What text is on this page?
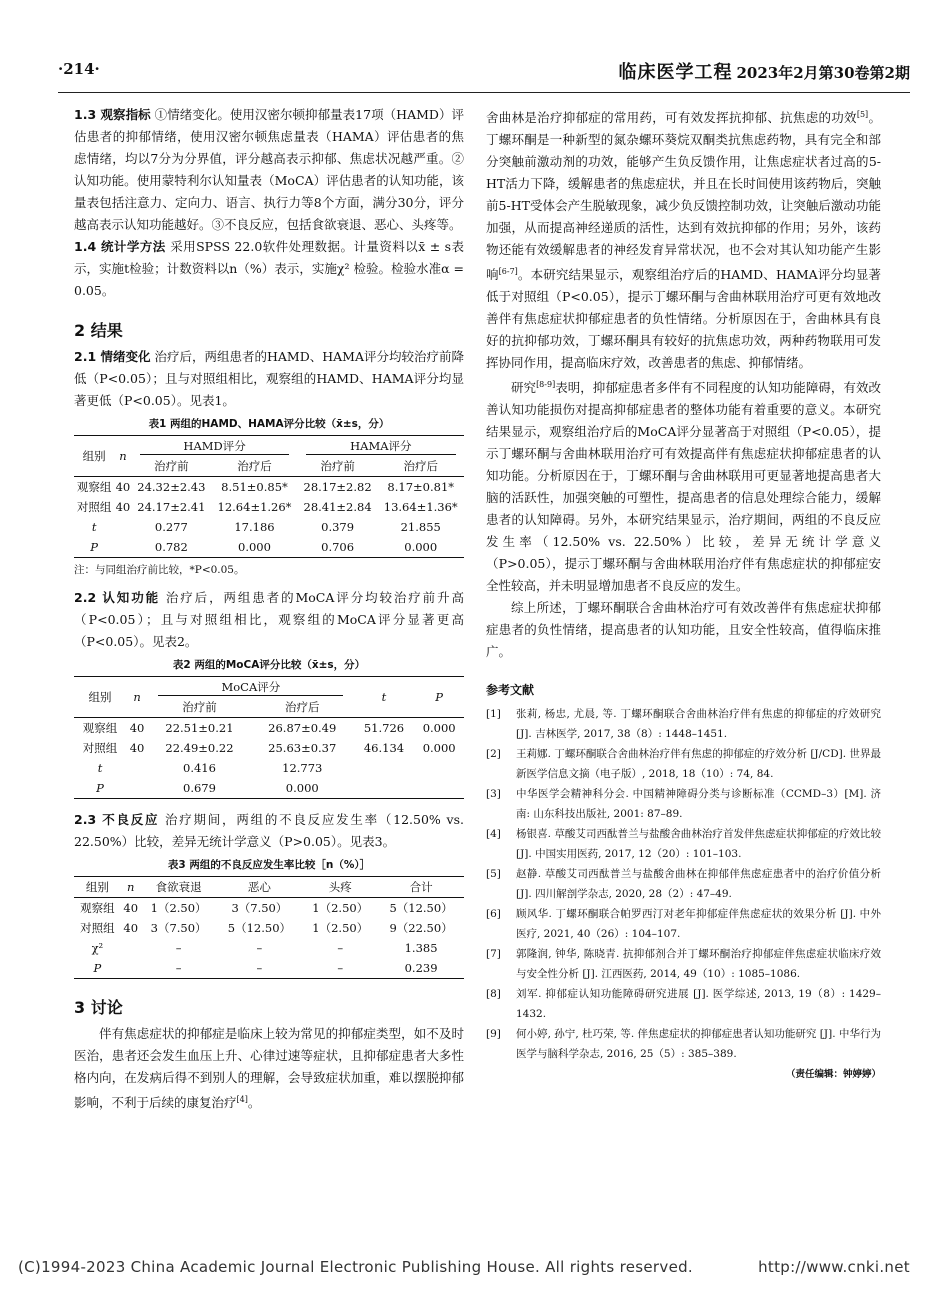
·214·	临床医学工程 2023年2月第30卷第2期

1.3 观察指标 ①情绪变化。使用汉密尔顿抑郁量表17项（HAMD）评估患者的抑郁情绪，使用汉密尔顿焦虑量表（HAMA）评估患者的焦虑情绪，均以7分为分界值，评分越高表示抑郁、焦虑状况越严重。②认知功能。使用蒙特利尔认知量表（MoCA）评估患者的认知功能，该量表包括注意力、定向力、语言、执行力等8个方面，满分30分，评分越高表示认知功能越好。③不良反应，包括食欲衰退、恶心、头疼等。

1.4 统计学方法 采用SPSS 22.0软件处理数据。计量资料以x̄ ± s表示，实施t检验；计数资料以n（%）表示，实施χ² 检验。检验水准α = 0.05。

2 结果

2.1 情绪变化 治疗后，两组患者的HAMD、HAMA评分均较治疗前降低（P<0.05）；且与对照组相比，观察组的HAMD、HAMA评分均显著更低（P<0.05）。见表1。

表1 两组的HAMD、HAMA评分比较（x̄±s，分）
组别	n	HAMD评分		HAMA评分	
		治疗前	治疗后	治疗前	治疗后
观察组	40	24.32±2.43	8.51±0.85*	28.17±2.82	8.17±0.81*
对照组	40	24.17±2.41	12.64±1.26*	28.41±2.84	13.64±1.36*
t		0.277	17.186	0.379	21.855
P		0.782	0.000	0.706	0.000
注：与同组治疗前比较，*P<0.05。

2.2 认知功能 治疗后，两组患者的MoCA评分均较治疗前升高（P<0.05）；且与对照组相比，观察组的MoCA评分显著更高（P<0.05）。见表2。

表2 两组的MoCA评分比较（x̄±s，分）
组别	n	MoCA评分		t	P
		治疗前	治疗后		
观察组	40	22.51±0.21	26.87±0.49	51.726	0.000
对照组	40	22.49±0.22	25.63±0.37	46.134	0.000
t		0.416	12.773		
P		0.679	0.000		

2.3 不良反应 治疗期间，两组的不良反应发生率（12.50% vs. 22.50%）比较，差异无统计学意义（P>0.05）。见表3。

表3 两组的不良反应发生率比较［n（%）］
组别	n	食欲衰退	恶心	头疼	合计
观察组	40	1（2.50）	3（7.50）	1（2.50）	5（12.50）
对照组	40	3（7.50）	5（12.50）	1（2.50）	9（22.50）
χ²		–	–	–	1.385
P		–	–	–	0.239
3 讨论

伴有焦虑症状的抑郁症是临床上较为常见的抑郁症类型，如不及时医治，患者还会发生血压上升、心律过速等症状，且抑郁症患者大多性格内向，在发病后得不到别人的理解，会导致症状加重，难以摆脱抑郁影响，不利于后续的康复治疗[4]。

舍曲林是治疗抑郁症的常用药，可有效发挥抗抑郁、抗焦虑的功效[5]。丁螺环酮是一种新型的氮杂螺环葵烷双酮类抗焦虑药物，具有完全和部分突触前激动剂的功效，能够产生负反馈作用，让焦虑症状者过高的5-HT活力下降，缓解患者的焦虑症状，并且在长时间使用该药物后，突触前5-HT受体会产生脱敏现象，减少负反馈控制功效，让突触后激动功能加强，从而提高神经递质的活性，达到有效抗抑郁的作用；另外，该药物还能有效缓解患者的神经发育异常状况，也不会对其认知功能产生影响[6-7]。本研究结果显示，观察组治疗后的HAMD、HAMA评分均显著低于对照组（P<0.05），提示丁螺环酮与舍曲林联用治疗可更有效地改善伴有焦虑症状抑郁症患者的负性情绪。分析原因在于，舍曲林具有良好的抗抑郁功效，丁螺环酮具有较好的抗焦虑功效，两种药物联用可发挥协同作用，提高临床疗效，改善患者的焦虑、抑郁情绪。

研究[8-9]表明，抑郁症患者多伴有不同程度的认知功能障碍，有效改善认知功能损伤对提高抑郁症患者的整体功能有着重要的意义。本研究结果显示，观察组治疗后的MoCA评分显著高于对照组（P<0.05），提示丁螺环酮与舍曲林联用治疗可有效提高伴有焦虑症状抑郁症患者的认知功能。分析原因在于，丁螺环酮与舍曲林联用可更显著地提高患者大脑的活跃性，加强突触的可塑性，提高患者的信息处理综合能力，缓解患者的认知障碍。另外，本研究结果显示，治疗期间，两组的不良反应发生率（12.50% vs. 22.50%）比较，差异无统计学意义（P>0.05），提示丁螺环酮与舍曲林联用治疗伴有焦虑症状的抑郁症安全性较高，并未明显增加患者不良反应的发生。

综上所述，丁螺环酮联合舍曲林治疗可有效改善伴有焦虑症状抑郁症患者的负性情绪，提高患者的认知功能，且安全性较高，值得临床推广。

参考文献
[1]	张莉, 杨忠, 尤晨, 等. 丁螺环酮联合舍曲林治疗伴有焦虑的抑郁症的疗效研究 [J]. 吉林医学, 2017, 38（8）: 1448–1451.
[2]	王莉娜. 丁螺环酮联合舍曲林治疗伴有焦虑的抑郁症的疗效分析 [J/CD]. 世界最新医学信息文摘（电子版）, 2018, 18（10）: 74, 84.
[3]	中华医学会精神科分会. 中国精神障碍分类与诊断标准（CCMD–3）[M]. 济南: 山东科技出版社, 2001: 87–89.
[4]	杨银喜. 草酸艾司西酞普兰与盐酸舍曲林治疗首发伴焦虑症状抑郁症的疗效比较 [J]. 中国实用医药, 2017, 12（20）: 101–103.
[5]	赵静. 草酸艾司西酞普兰与盐酸舍曲林在抑郁伴焦虑症患者中的治疗价值分析 [J]. 四川解剖学杂志, 2020, 28（2）: 47–49.
[6]	顾风华. 丁螺环酮联合帕罗西汀对老年抑郁症伴焦虑症状的效果分析 [J]. 中外医疗, 2021, 40（26）: 104–107.
[7]	郭隆润, 钟华, 陈晓青. 抗抑郁剂合并丁螺环酮治疗抑郁症伴焦虑症状临床疗效与安全性分析 [J]. 江西医药, 2014, 49（10）: 1085–1086.
[8]	刘军. 抑郁症认知功能障碍研究进展 [J]. 医学综述, 2013, 19（8）: 1429–1432.
[9]	何小婷, 孙宁, 杜巧荣, 等. 伴焦虑症状的抑郁症患者认知功能研究 [J]. 中华行为医学与脑科学杂志, 2016, 25（5）: 385–389.
（责任编辑：钟婷婷）
(C)1994-2023 China Academic Journal Electronic Publishing House. All rights reserved.	http://www.cnki.net
